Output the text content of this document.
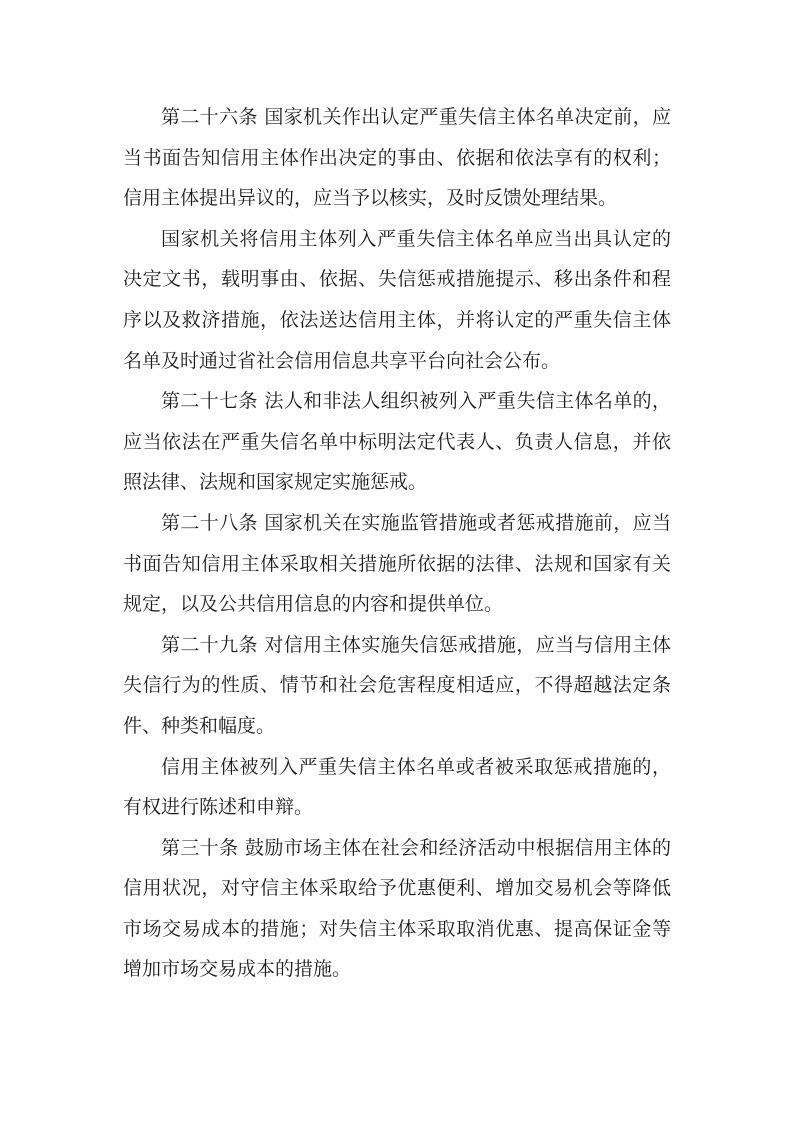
第二十六条 国家机关作出认定严重失信主体名单决定前，应当书面告知信用主体作出决定的事由、依据和依法享有的权利；信用主体提出异议的，应当予以核实，及时反馈处理结果。

国家机关将信用主体列入严重失信主体名单应当出具认定的决定文书，载明事由、依据、失信惩戒措施提示、移出条件和程序以及救济措施，依法送达信用主体，并将认定的严重失信主体名单及时通过省社会信用信息共享平台向社会公布。

第二十七条 法人和非法人组织被列入严重失信主体名单的，应当依法在严重失信名单中标明法定代表人、负责人信息，并依照法律、法规和国家规定实施惩戒。

第二十八条 国家机关在实施监管措施或者惩戒措施前，应当书面告知信用主体采取相关措施所依据的法律、法规和国家有关规定，以及公共信用信息的内容和提供单位。

第二十九条 对信用主体实施失信惩戒措施，应当与信用主体失信行为的性质、情节和社会危害程度相适应，不得超越法定条件、种类和幅度。

信用主体被列入严重失信主体名单或者被采取惩戒措施的，有权进行陈述和申辩。

第三十条 鼓励市场主体在社会和经济活动中根据信用主体的信用状况，对守信主体采取给予优惠便利、增加交易机会等降低市场交易成本的措施；对失信主体采取取消优惠、提高保证金等增加市场交易成本的措施。
